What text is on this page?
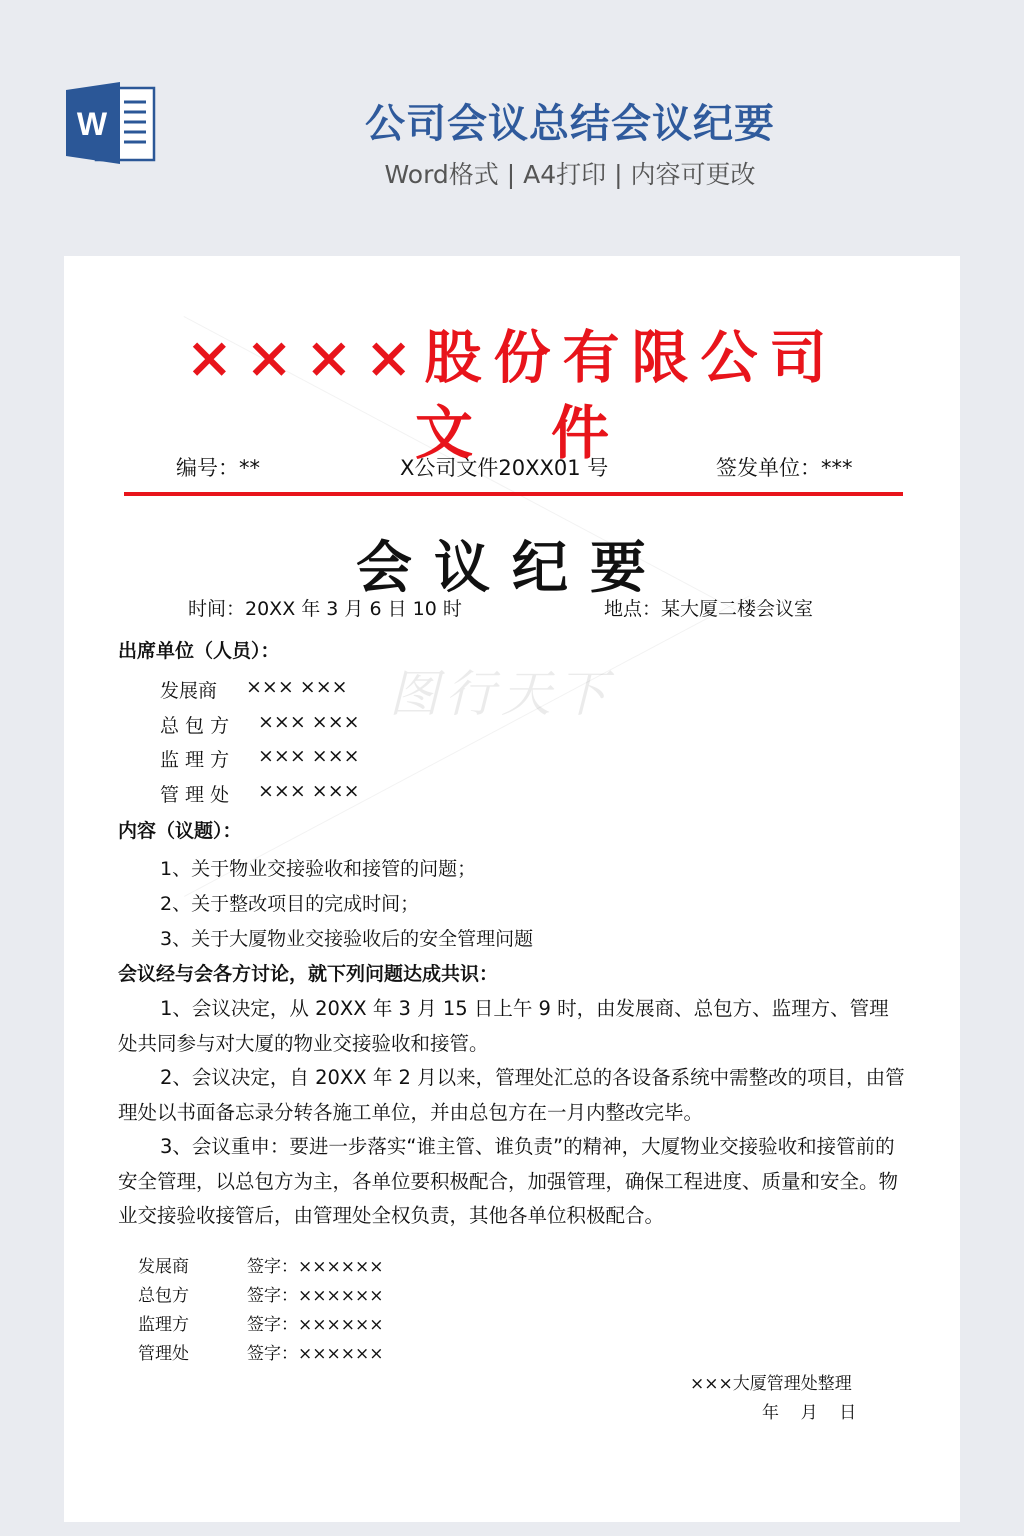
W	公司会议总结会议纪要
Word格式 | A4打印 | 内容可更改
图行天下
××××股份有限公司
文 件
编号：**	X公司文件20XX01 号	签发单位：***
会议纪要
时间：20XX 年 3 月 6 日 10 时	地点：某大厦二楼会议室
出席单位（人员）：
发展商 ××× ×××
总 包 方 ××× ×××
监 理 方 ××× ×××
管 理 处 ××× ×××
内容（议题）：
1、关于物业交接验收和接管的问题；
2、关于整改项目的完成时间；
3、关于大厦物业交接验收后的安全管理问题
会议经与会各方讨论，就下列问题达成共识：
1、会议决定，从 20XX 年 3 月 15 日上午 9 时，由发展商、总包方、监理方、管理处共同参与对大厦的物业交接验收和接管。
2、会议决定，自 20XX 年 2 月以来，管理处汇总的各设备系统中需整改的项目，由管理处以书面备忘录分转各施工单位，并由总包方在一月内整改完毕。
3、会议重申：要进一步落实“谁主管、谁负责”的精神，大厦物业交接验收和接管前的安全管理，以总包方为主，各单位要积极配合，加强管理，确保工程进度、质量和安全。物业交接验收接管后，由管理处全权负责，其他各单位积极配合。
发展商	签字：××××××
总包方	签字：××××××
监理方	签字：××××××
管理处	签字：××××××
×××大厦管理处整理
年    月    日
